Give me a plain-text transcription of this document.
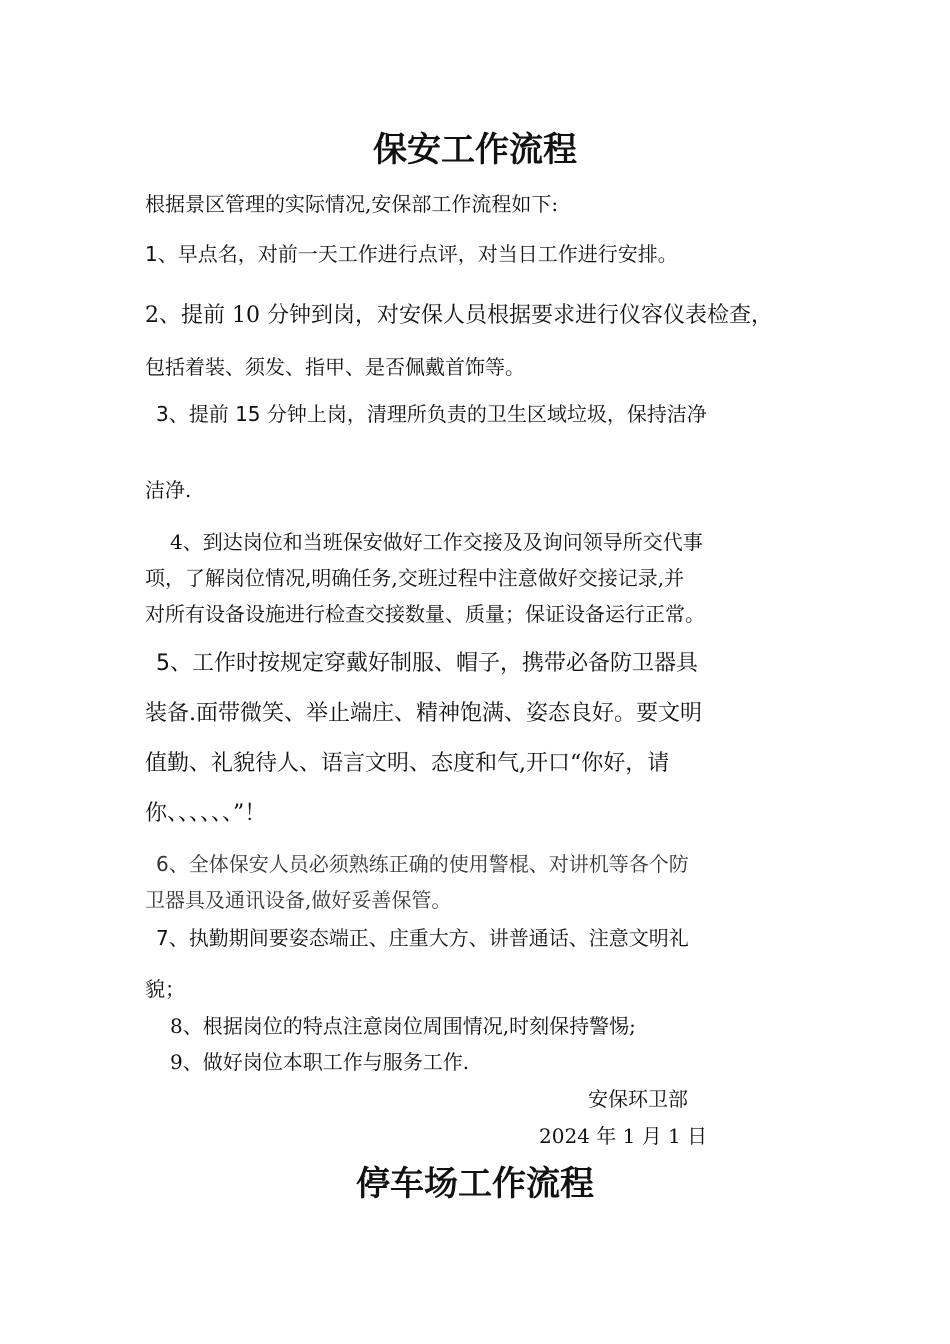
保安工作流程
根据景区管理的实际情况,安保部工作流程如下:
1、早点名，对前一天工作进行点评，对当日工作进行安排。
2、提前 10 分钟到岗，对安保人员根据要求进行仪容仪表检查，
包括着装、须发、指甲、是否佩戴首饰等。
3、提前 15 分钟上岗，清理所负责的卫生区域垃圾，保持洁净
洁净.
4、到达岗位和当班保安做好工作交接及及询问领导所交代事
项，了解岗位情况,明确任务,交班过程中注意做好交接记录,并
对所有设备设施进行检查交接数量、质量；保证设备运行正常。
5、工作时按规定穿戴好制服、帽子，携带必备防卫器具
装备.面带微笑、举止端庄、精神饱满、姿态良好。要文明
值勤、礼貌待人、语言文明、态度和气,开口“你好，请
你、、、、、、”！
6、全体保安人员必须熟练正确的使用警棍、对讲机等各个防
卫器具及通讯设备,做好妥善保管。
7、执勤期间要姿态端正、庄重大方、讲普通话、注意文明礼
貌；
8、根据岗位的特点注意岗位周围情况,时刻保持警惕;
9、做好岗位本职工作与服务工作.
安保环卫部
2024 年 1 月 1 日
停车场工作流程
